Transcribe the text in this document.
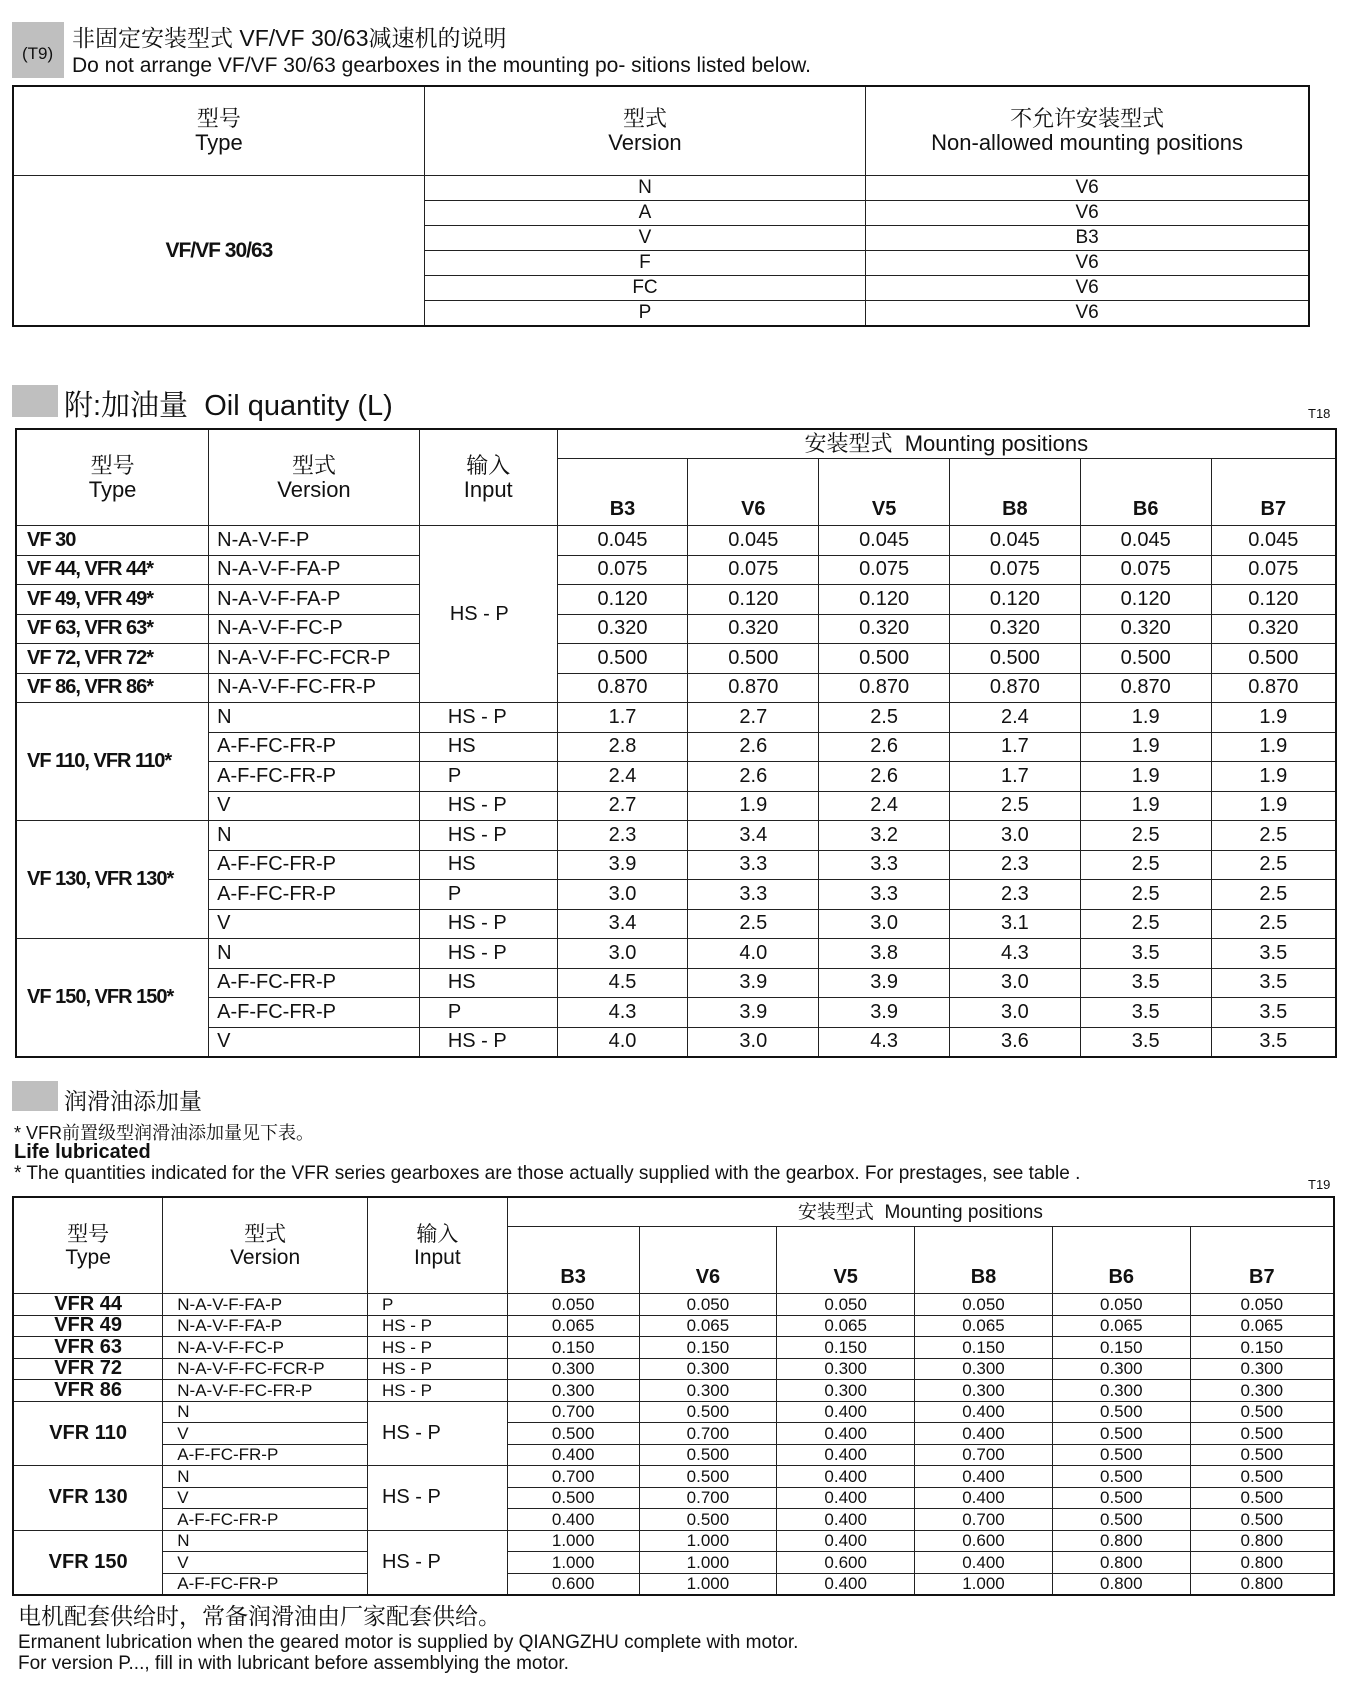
(T9)
非固定安装型式 VF/VF 30/63减速机的说明
Do not arrange VF/VF 30/63 gearboxes in the mounting po- sitions listed below.
型号
Type	型式
Version	不允许安装型式
Non-allowed mounting positions
VF/VF 30/63	N	V6
	A	V6
	V	B3
	F	V6
	FC	V6
	P	V6
附:加油量 Oil quantity (L)	T18
型号
Type	型式
Version	输入
Input	安装型式 Mounting positions					
			B3	V6	V5	B8	B6	B7
VF 30	N-A-V-F-P	HS - P	0.045	0.045	0.045	0.045	0.045	0.045
VF 44, VFR 44*	N-A-V-F-FA-P		0.075	0.075	0.075	0.075	0.075	0.075
VF 49, VFR 49*	N-A-V-F-FA-P		0.120	0.120	0.120	0.120	0.120	0.120
VF 63, VFR 63*	N-A-V-F-FC-P		0.320	0.320	0.320	0.320	0.320	0.320
VF 72, VFR 72*	N-A-V-F-FC-FCR-P		0.500	0.500	0.500	0.500	0.500	0.500
VF 86, VFR 86*	N-A-V-F-FC-FR-P		0.870	0.870	0.870	0.870	0.870	0.870
VF 110, VFR 110*	N	HS - P	1.7	2.7	2.5	2.4	1.9	1.9
	A-F-FC-FR-P	HS	2.8	2.6	2.6	1.7	1.9	1.9
	A-F-FC-FR-P	P	2.4	2.6	2.6	1.7	1.9	1.9
	V	HS - P	2.7	1.9	2.4	2.5	1.9	1.9
VF 130, VFR 130*	N	HS - P	2.3	3.4	3.2	3.0	2.5	2.5
	A-F-FC-FR-P	HS	3.9	3.3	3.3	2.3	2.5	2.5
	A-F-FC-FR-P	P	3.0	3.3	3.3	2.3	2.5	2.5
	V	HS - P	3.4	2.5	3.0	3.1	2.5	2.5
VF 150, VFR 150*	N	HS - P	3.0	4.0	3.8	4.3	3.5	3.5
	A-F-FC-FR-P	HS	4.5	3.9	3.9	3.0	3.5	3.5
	A-F-FC-FR-P	P	4.3	3.9	3.9	3.0	3.5	3.5
	V	HS - P	4.0	3.0	4.3	3.6	3.5	3.5
润滑油添加量
* VFR前置级型润滑油添加量见下表。
Life lubricated
* The quantities indicated for the VFR series gearboxes are those actually supplied with the gearbox. For prestages, see table .
T19
型号
Type	型式
Version	输入
Input	安装型式 Mounting positions					
			B3	V6	V5	B8	B6	B7
VFR 44	N-A-V-F-FA-P	P	0.050	0.050	0.050	0.050	0.050	0.050
VFR 49	N-A-V-F-FA-P	HS - P	0.065	0.065	0.065	0.065	0.065	0.065
VFR 63	N-A-V-F-FC-P	HS - P	0.150	0.150	0.150	0.150	0.150	0.150
VFR 72	N-A-V-F-FC-FCR-P	HS - P	0.300	0.300	0.300	0.300	0.300	0.300
VFR 86	N-A-V-F-FC-FR-P	HS - P	0.300	0.300	0.300	0.300	0.300	0.300
VFR 110	N	HS - P	0.700	0.500	0.400	0.400	0.500	0.500
	V		0.500	0.700	0.400	0.400	0.500	0.500
	A-F-FC-FR-P		0.400	0.500	0.400	0.700	0.500	0.500
VFR 130	N	HS - P	0.700	0.500	0.400	0.400	0.500	0.500
	V		0.500	0.700	0.400	0.400	0.500	0.500
	A-F-FC-FR-P		0.400	0.500	0.400	0.700	0.500	0.500
VFR 150	N	HS - P	1.000	1.000	0.400	0.600	0.800	0.800
	V		1.000	1.000	0.600	0.400	0.800	0.800
	A-F-FC-FR-P		0.600	1.000	0.400	1.000	0.800	0.800
电机配套供给时，常备润滑油由厂家配套供给。
Ermanent lubrication when the geared motor is supplied by QIANGZHU complete with motor.
For version P..., fill in with lubricant before assemblying the motor.
